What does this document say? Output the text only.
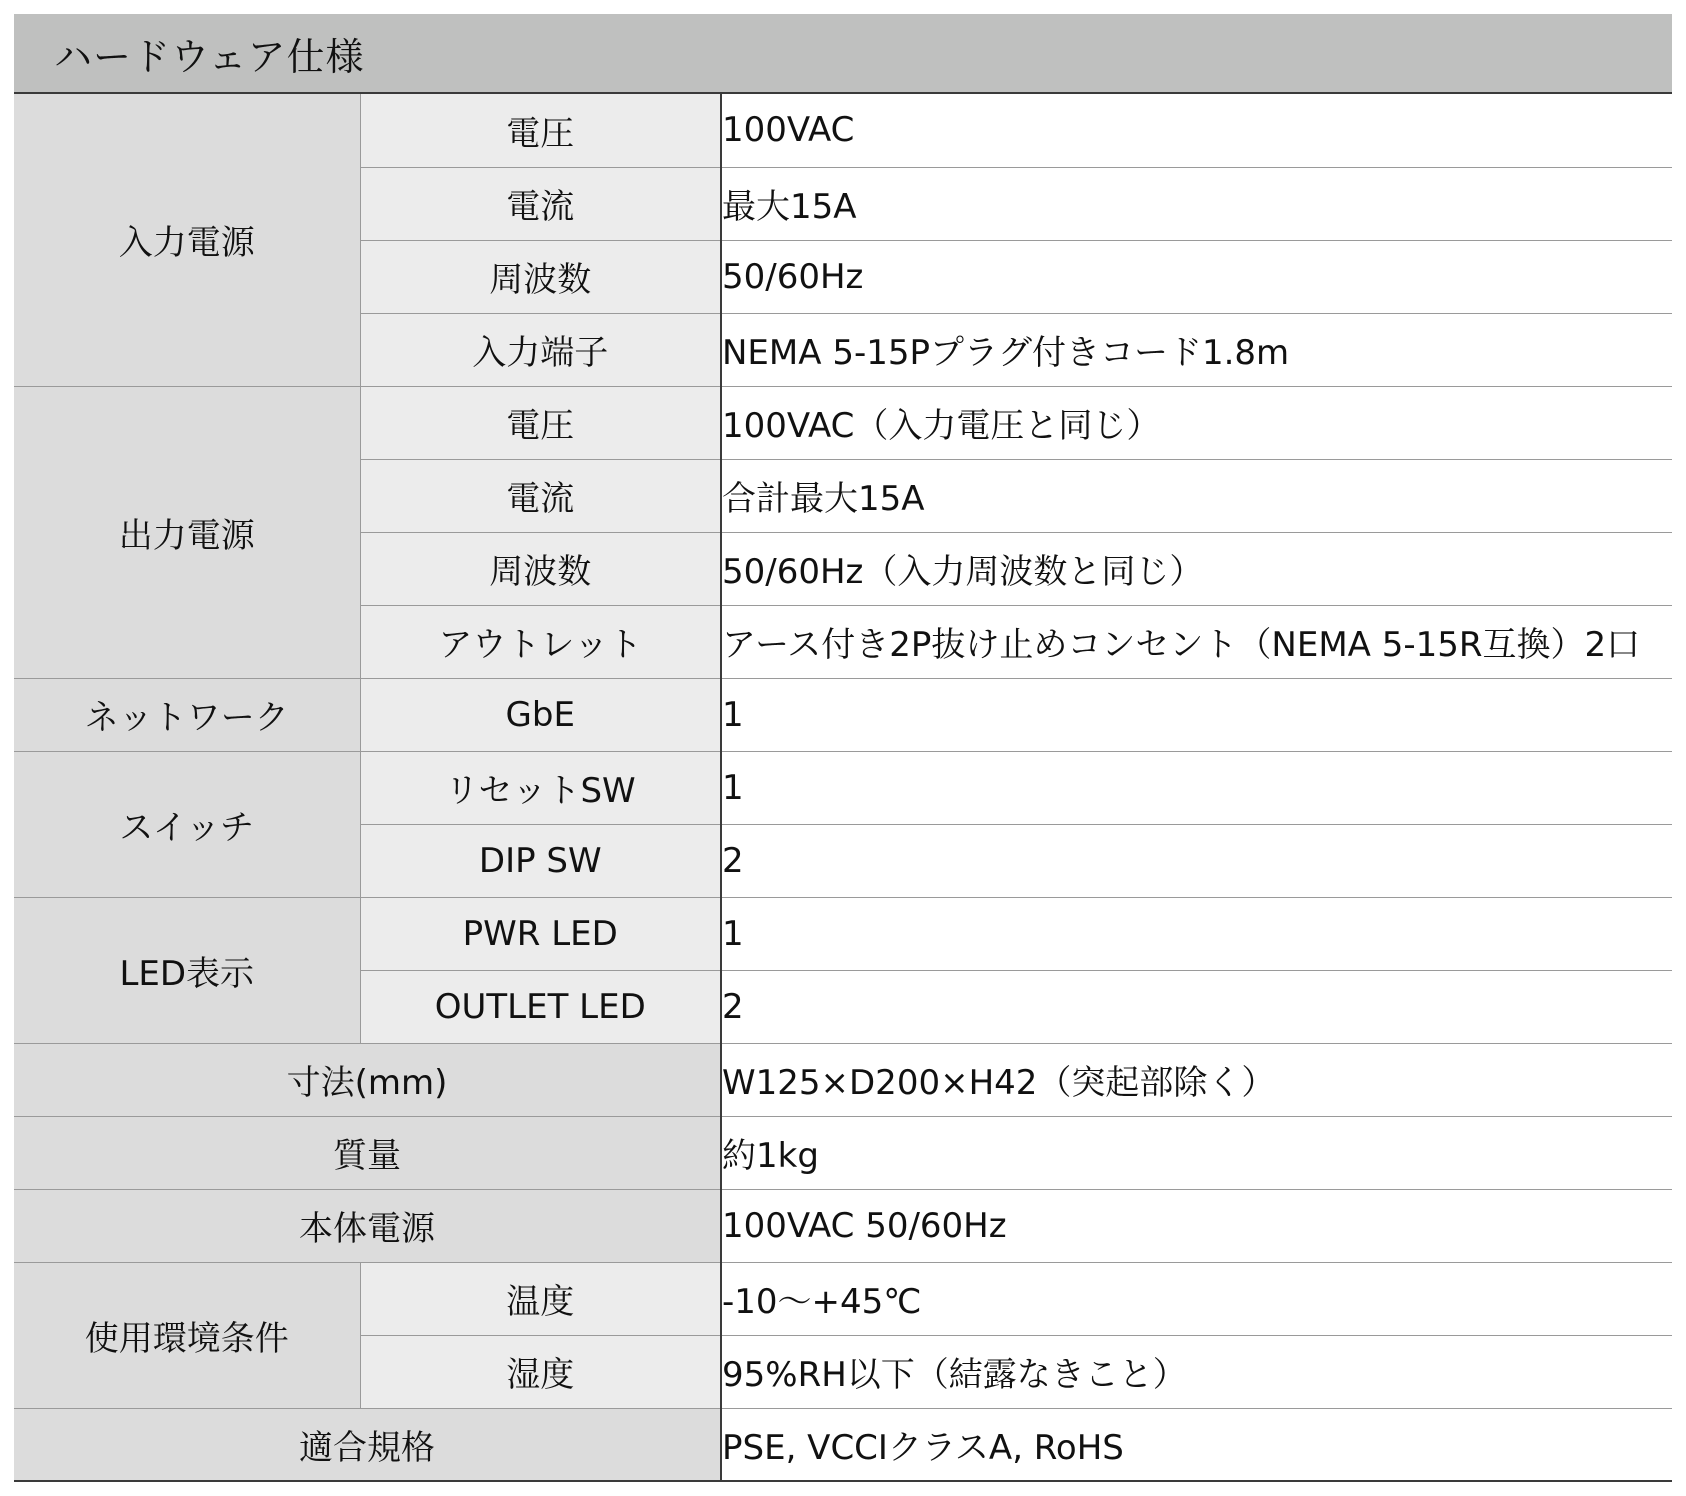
ハードウェア仕様
入力電源	電圧	100VAC
	電流	最大15A
	周波数	50/60Hz
	入力端子	NEMA 5-15Pプラグ付きコード1.8m
出力電源	電圧	100VAC（入力電圧と同じ）
	電流	合計最大15A
	周波数	50/60Hz（入力周波数と同じ）
	アウトレット	アース付き2P抜け止めコンセント（NEMA 5-15R互換）2口
ネットワーク	GbE	1
スイッチ	リセットSW	1
	DIP SW	2
LED表示	PWR LED	1
	OUTLET LED	2
寸法(mm)		W125×D200×H42（突起部除く）
質量		約1kg
本体電源		100VAC 50/60Hz
使用環境条件	温度	-10～+45℃
	湿度	95%RH以下（結露なきこと）
適合規格		PSE, VCCIクラスA, RoHS
